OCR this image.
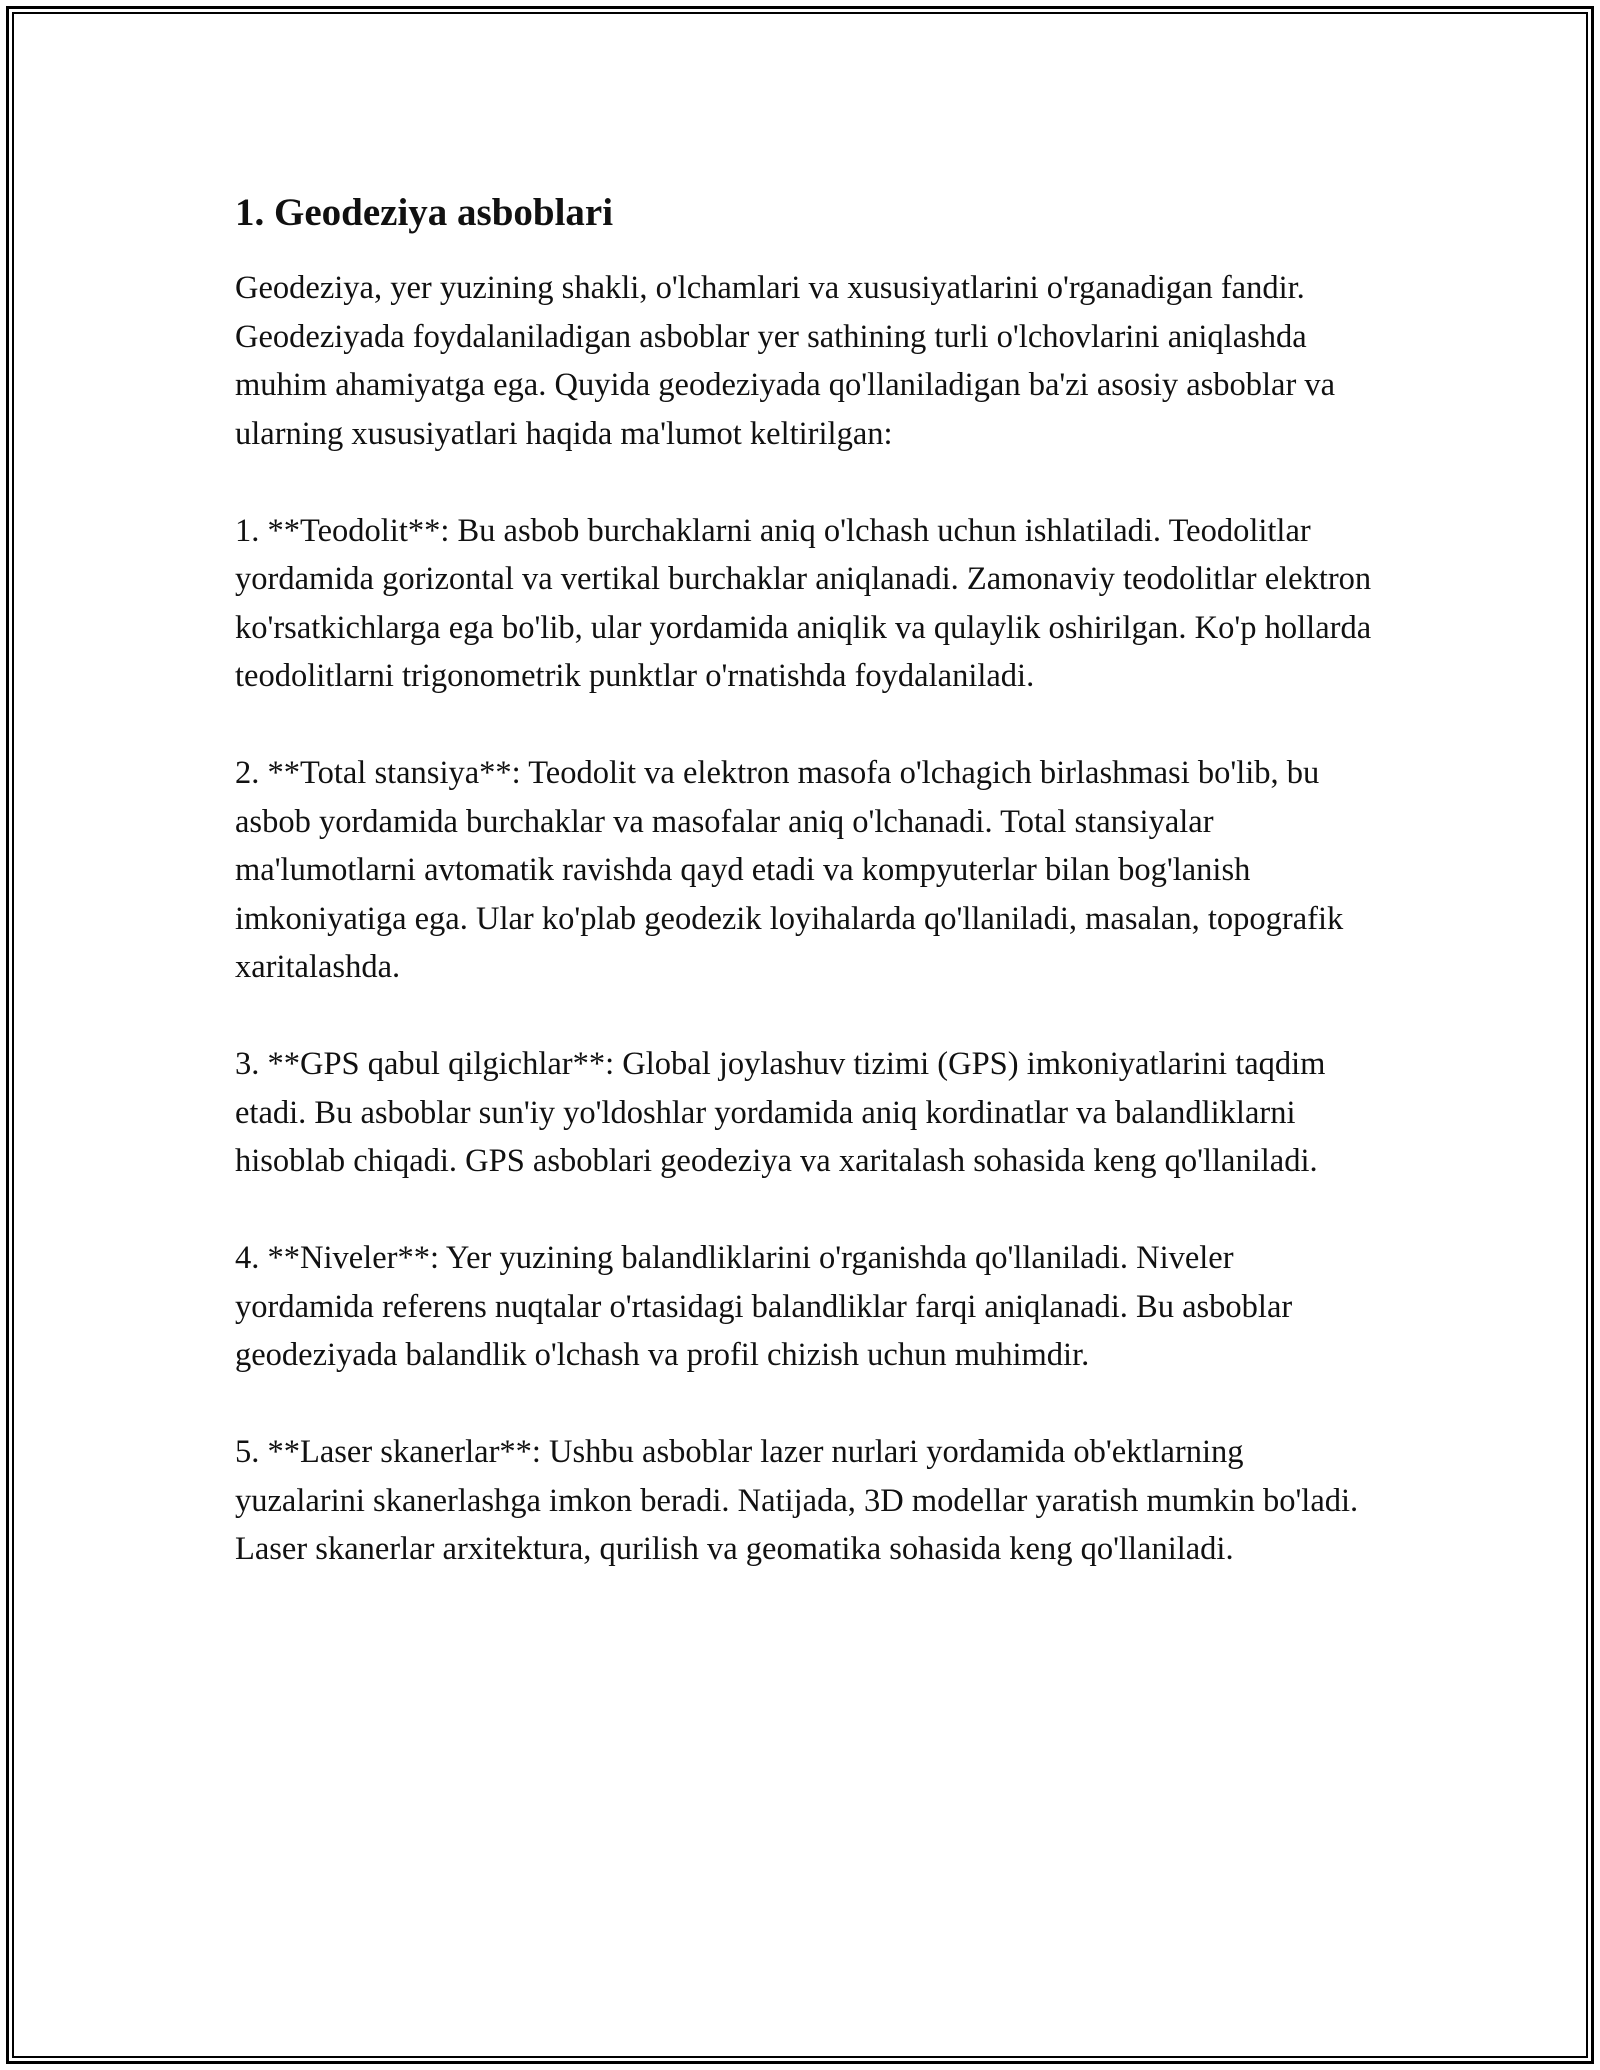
1. Geodeziya asboblari

Geodeziya, yer yuzining shakli, o'lchamlari va xususiyatlarini o'rganadigan fandir. Geodeziyada foydalaniladigan asboblar yer sathining turli o'lchovlarini aniqlashda muhim ahamiyatga ega. Quyida geodeziyada qo'llaniladigan ba'zi asosiy asboblar va ularning xususiyatlari haqida ma'lumot keltirilgan:

1. **Teodolit**: Bu asbob burchaklarni aniq o'lchash uchun ishlatiladi. Teodolitlar yordamida gorizontal va vertikal burchaklar aniqlanadi. Zamonaviy teodolitlar elektron ko'rsatkichlarga ega bo'lib, ular yordamida aniqlik va qulaylik oshirilgan. Ko'p hollarda teodolitlarni trigonometrik punktlar o'rnatishda foydalaniladi.

2. **Total stansiya**: Teodolit va elektron masofa o'lchagich birlashmasi bo'lib, bu asbob yordamida burchaklar va masofalar aniq o'lchanadi. Total stansiyalar ma'lumotlarni avtomatik ravishda qayd etadi va kompyuterlar bilan bog'lanish imkoniyatiga ega. Ular ko'plab geodezik loyihalarda qo'llaniladi, masalan, topografik xaritalashda.

3. **GPS qabul qilgichlar**: Global joylashuv tizimi (GPS) imkoniyatlarini taqdim etadi. Bu asboblar sun'iy yo'ldoshlar yordamida aniq kordinatlar va balandliklarni hisoblab chiqadi. GPS asboblari geodeziya va xaritalash sohasida keng qo'llaniladi.

4. **Niveler**: Yer yuzining balandliklarini o'rganishda qo'llaniladi. Niveler yordamida referens nuqtalar o'rtasidagi balandliklar farqi aniqlanadi. Bu asboblar geodeziyada balandlik o'lchash va profil chizish uchun muhimdir.

5. **Laser skanerlar**: Ushbu asboblar lazer nurlari yordamida ob'ektlarning yuzalarini skanerlashga imkon beradi. Natijada, 3D modellar yaratish mumkin bo'ladi. Laser skanerlar arxitektura, qurilish va geomatika sohasida keng qo'llaniladi.
